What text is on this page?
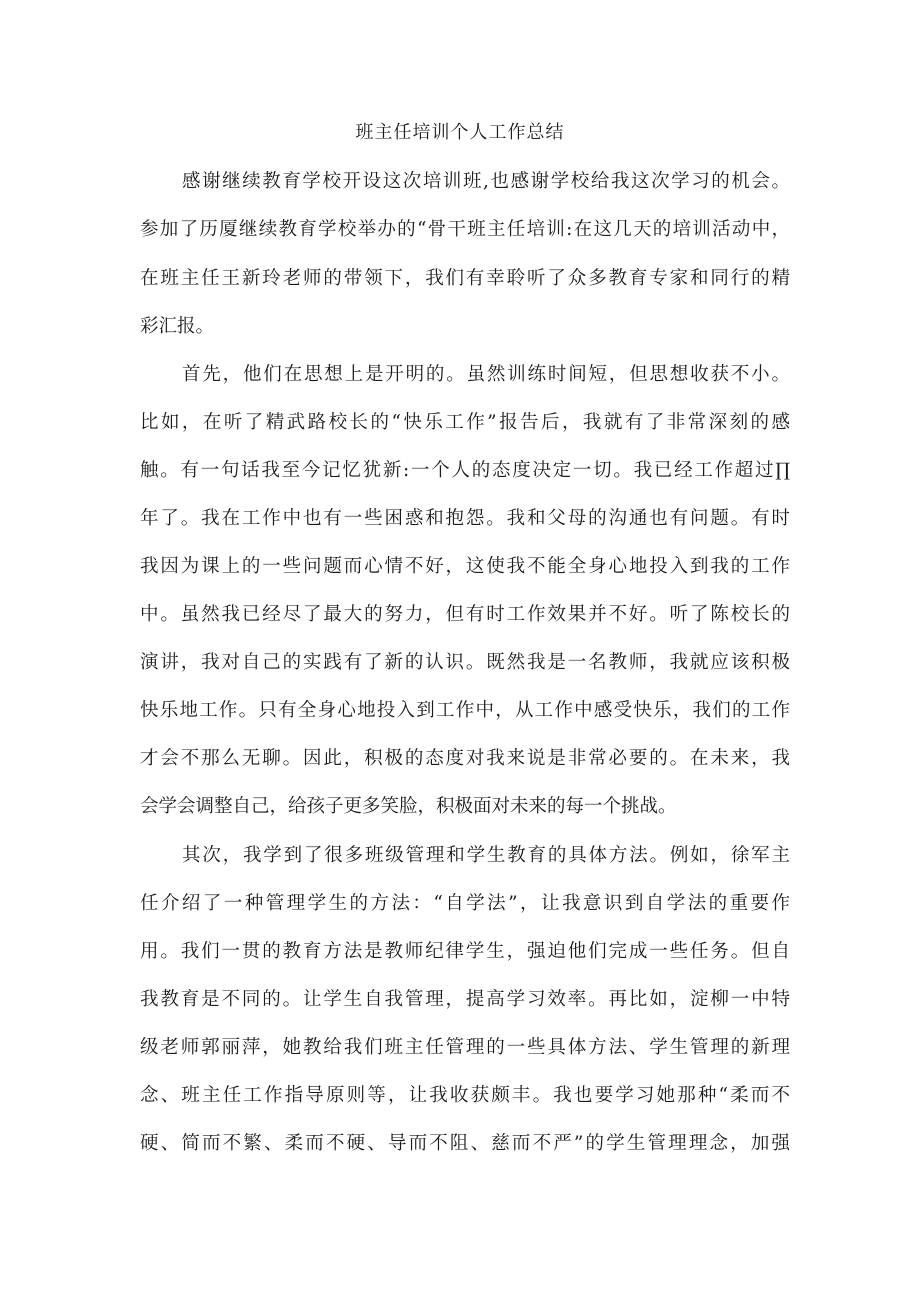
班主任培训个人工作总结
感谢继续教育学校开设这次培训班,也感谢学校给我这次学习的机会。
参加了历厦继续教育学校举办的“骨干班主任培训:在这几天的培训活动中，
在班主任王新玲老师的带领下，我们有幸聆听了众多教育专家和同行的精
彩汇报。
首先，他们在思想上是开明的。虽然训练时间短，但思想收获不小。
比如，在听了精武路校长的“快乐工作”报告后，我就有了非常深刻的感
触。有一句话我至今记忆犹新:一个人的态度决定一切。我已经工作超过∏
年了。我在工作中也有一些困惑和抱怨。我和父母的沟通也有问题。有时
我因为课上的一些问题而心情不好，这使我不能全身心地投入到我的工作
中。虽然我已经尽了最大的努力，但有时工作效果并不好。听了陈校长的
演讲，我对自己的实践有了新的认识。既然我是一名教师，我就应该积极
快乐地工作。只有全身心地投入到工作中，从工作中感受快乐，我们的工作
才会不那么无聊。因此，积极的态度对我来说是非常必要的。在未来，我
会学会调整自己，给孩子更多笑脸，积极面对未来的每一个挑战。
其次，我学到了很多班级管理和学生教育的具体方法。例如，徐军主
任介绍了一种管理学生的方法：“自学法”，让我意识到自学法的重要作
用。我们一贯的教育方法是教师纪律学生，强迫他们完成一些任务。但自
我教育是不同的。让学生自我管理，提高学习效率。再比如，淀柳一中特
级老师郭丽萍，她教给我们班主任管理的一些具体方法、学生管理的新理
念、班主任工作指导原则等，让我收获颇丰。我也要学习她那种“柔而不
硬、简而不繁、柔而不硬、导而不阻、慈而不严”的学生管理理念，加强
